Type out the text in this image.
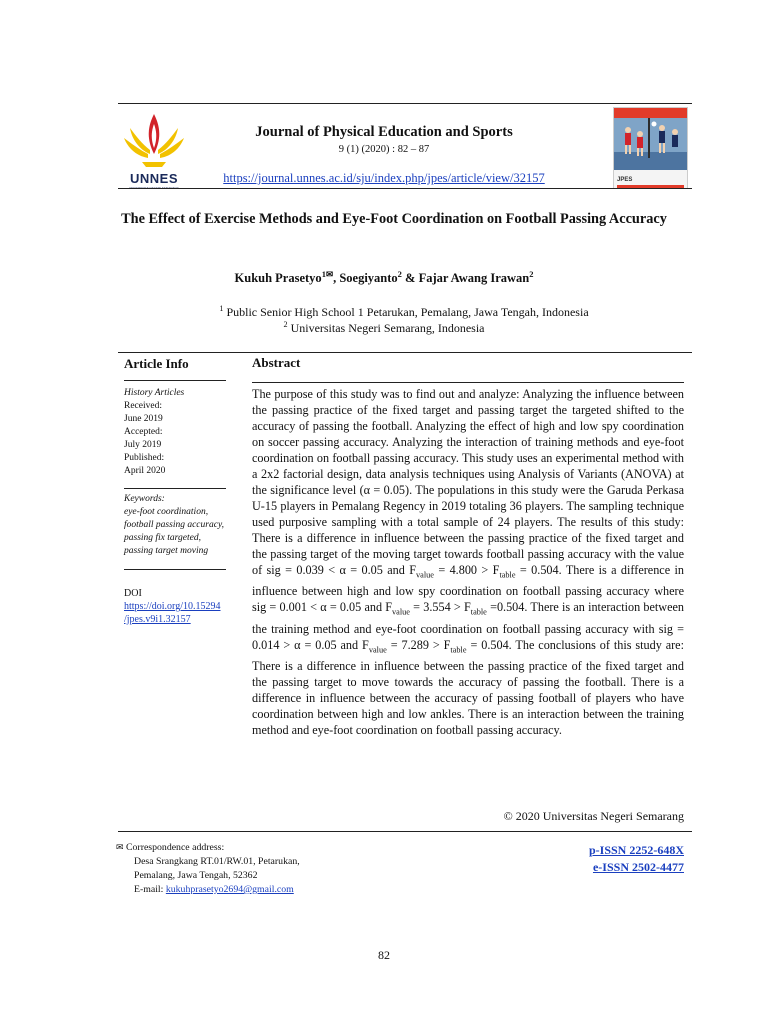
UNNES
UNIVERSITAS NEGERI SEMARANG
Journal of Physical Education and Sports
9 (1) (2020) : 82 – 87
https://journal.unnes.ac.id/sju/index.php/jpes/article/view/32157	JPES
The Effect of Exercise Methods and Eye-Foot Coordination on Football Passing Accuracy
Kukuh Prasetyo$^{1✉}$, Soegiyanto$^2$ & Fajar Awang Irawan$^2$
$^1$ Public Senior High School 1 Petarukan, Pemalang, Jawa Tengah, Indonesia
$^2$ Universitas Negeri Semarang, Indonesia
Article Info
History Articles
Received:
June 2019
Accepted:
July 2019
Published:
April 2020
Keywords:
eye-foot coordination,
football passing accuracy,
passing fix targeted,
passing target moving
DOI
https://doi.org/10.15294
/jpes.v9i1.32157
Abstract
The purpose of this study was to find out and analyze: Analyzing the influence between the passing practice of the fixed target and passing target the targeted shifted to the accuracy of passing the football. Analyzing the effect of high and low spy coordination on soccer passing accuracy. Analyzing the interaction of training methods and eye-foot coordination on football passing accuracy. This study uses an experimental method with a 2x2 factorial design, data analysis techniques using Analysis of Variants (ANOVA) at the significance level (α = 0.05). The populations in this study were the Garuda Perkasa U-15 players in Pemalang Regency in 2019 totaling 36 players. The sampling technique used purposive sampling with a total sample of 24 players. The results of this study: There is a difference in influence between the passing practice of the fixed target and the passing target of the moving target towards football passing accuracy with the value of sig = 0.039 < α = 0.05 and $F_{value} = 4.800 > F_{table} = 0.504$. There is a difference in influence between high and low spy coordination on football passing accuracy where sig = 0.001 < α = 0.05 and $F_{value} = 3.554 > F_{table} =0.504$. There is an interaction between the training method and eye-foot coordination on football passing accuracy with sig = 0.014 > α = 0.05 and $F_{value} = 7.289 > F_{table} = 0.504$. The conclusions of this study are: There is a difference in influence between the passing practice of the fixed target and the passing target to move towards the accuracy of passing the football. There is a difference in influence between the accuracy of passing football of players who have coordination between high and low ankles. There is an interaction between the training method and eye-foot coordination on football passing accuracy.
© 2020 Universitas Negeri Semarang
✉ Correspondence address:
Desa Srangkang RT.01/RW.01, Petarukan,
Pemalang, Jawa Tengah, 52362
E-mail: kukuhprasetyo2694@gmail.com
p-ISSN 2252-648X
e-ISSN 2502-4477
82
